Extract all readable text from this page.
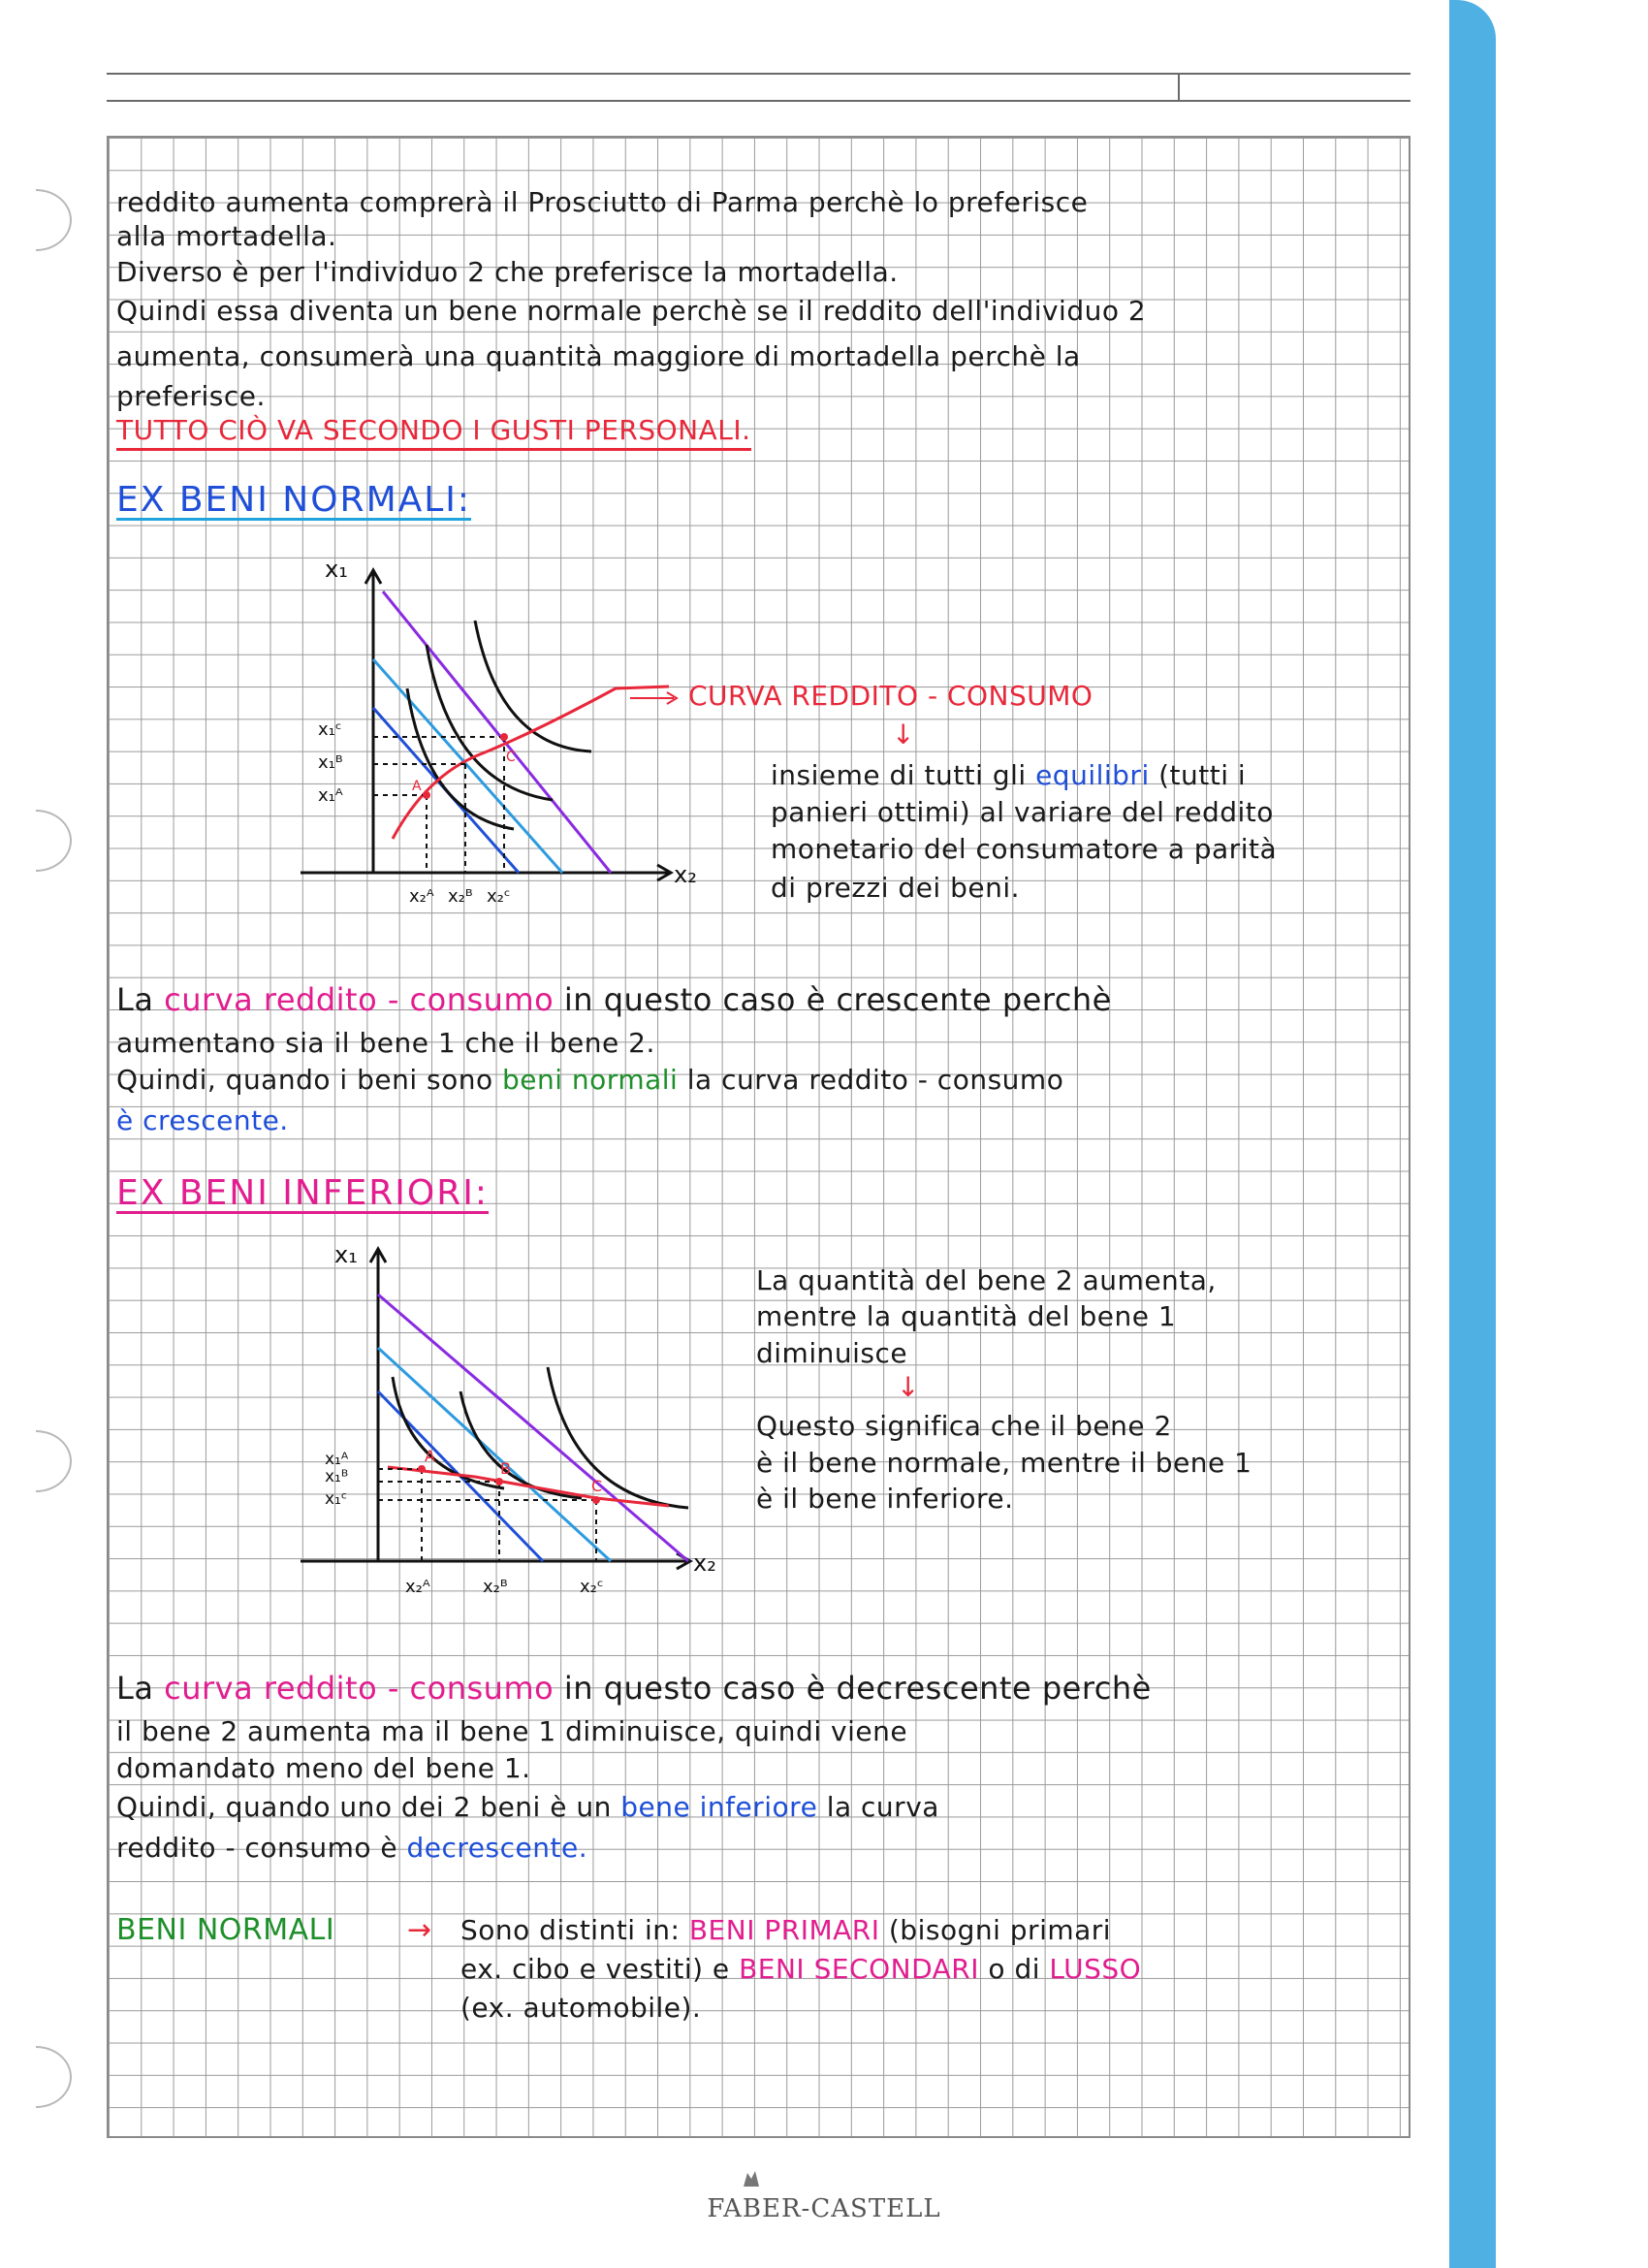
reddito aumenta comprerà il Prosciutto di Parma perchè lo preferisce
alla mortadella.
Diverso è per l'individuo 2 che preferisce la mortadella.
Quindi essa diventa un bene normale perchè se il reddito dell'individuo 2
aumenta, consumerà una quantità maggiore di mortadella perchè la
preferisce.
TUTTO CIÒ VA SECONDO I GUSTI PERSONALI.
EX BENI NORMALI:
x₁
x₂
A
C
x₁ᶜ
x₁ᴮ
x₁ᴬ
x₂ᴬ x₂ᴮ x₂ᶜ
CURVA REDDITO - CONSUMO
↓
insieme di tutti gli equilibri (tutti i
panieri ottimi) al variare del reddito
monetario del consumatore a parità
di prezzi dei beni.
La curva reddito - consumo in questo caso è crescente perchè
aumentano sia il bene 1 che il bene 2.
Quindi, quando i beni sono beni normali la curva reddito - consumo
è crescente.
EX BENI INFERIORI:
x₁
x₂
A
B
C
x₁ᴬ
x₁ᴮ
x₁ᶜ
x₂ᴬ	x₂ᴮ	x₂ᶜ
La quantità del bene 2 aumenta,
mentre la quantità del bene 1
diminuisce
↓
Questo significa che il bene 2
è il bene normale, mentre il bene 1
è il bene inferiore.
La curva reddito - consumo in questo caso è decrescente perchè
il bene 2 aumenta ma il bene 1 diminuisce, quindi viene
domandato meno del bene 1.
Quindi, quando uno dei 2 beni è un bene inferiore la curva
reddito - consumo è decrescente.
BENI NORMALI → Sono distinti in: BENI PRIMARI (bisogni primari
ex. cibo e vestiti) e BENI SECONDARI o di LUSSO
(ex. automobile).
FABER-CASTELL
